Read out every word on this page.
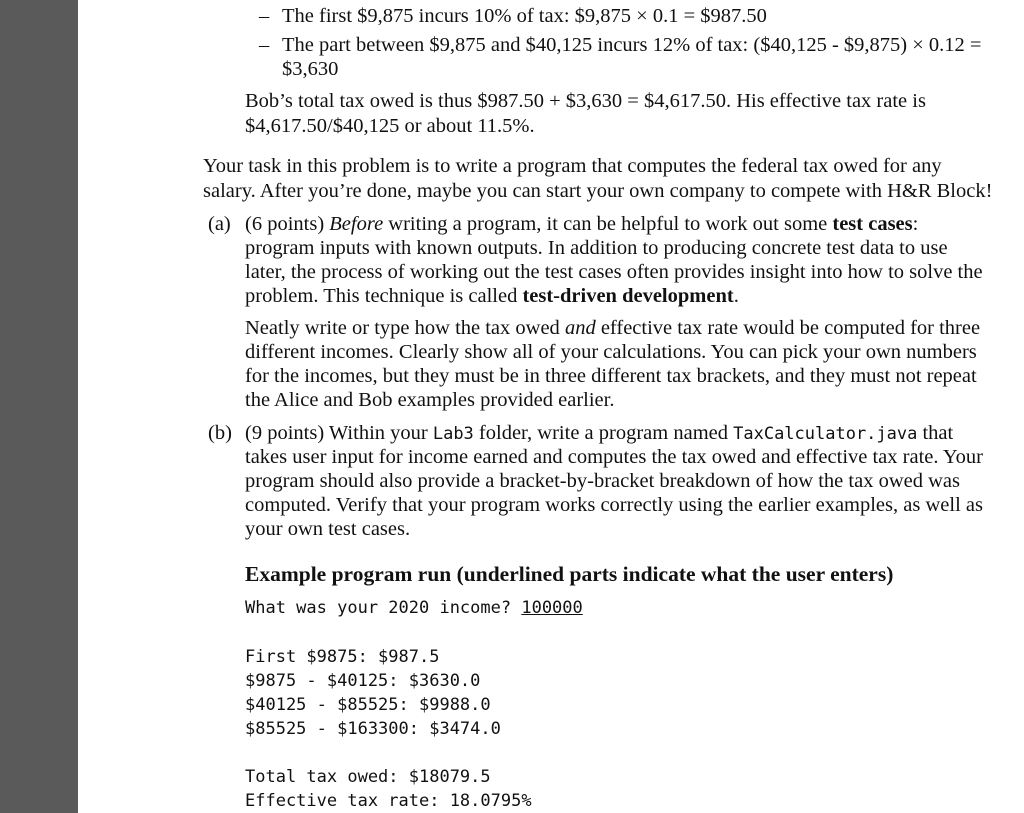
– The first $9,875 incurs 10% of tax: $9,875 × 0.1 = $987.50
– The part between $9,875 and $40,125 incurs 12% of tax: ($40,125 - $9,875) × 0.12 =
$3,630
Bob’s total tax owed is thus $987.50 + $3,630 = $4,617.50. His effective tax rate is
$4,617.50/$40,125 or about 11.5%.
Your task in this problem is to write a program that computes the federal tax owed for any
salary. After you’re done, maybe you can start your own company to compete with H&R Block!
(a) (6 points) Before writing a program, it can be helpful to work out some test cases:
program inputs with known outputs. In addition to producing concrete test data to use
later, the process of working out the test cases often provides insight into how to solve the
problem. This technique is called test-driven development.
Neatly write or type how the tax owed and effective tax rate would be computed for three
different incomes. Clearly show all of your calculations. You can pick your own numbers
for the incomes, but they must be in three different tax brackets, and they must not repeat
the Alice and Bob examples provided earlier.
(b) (9 points) Within your Lab3 folder, write a program named TaxCalculator.java that
takes user input for income earned and computes the tax owed and effective tax rate. Your
program should also provide a bracket-by-bracket breakdown of how the tax owed was
computed. Verify that your program works correctly using the earlier examples, as well as
your own test cases.
Example program run (underlined parts indicate what the user enters)
What was your 2020 income? 100000
First $9875: $987.5
$9875 - $40125: $3630.0
$40125 - $85525: $9988.0
$85525 - $163300: $3474.0
Total tax owed: $18079.5
Effective tax rate: 18.0795%
